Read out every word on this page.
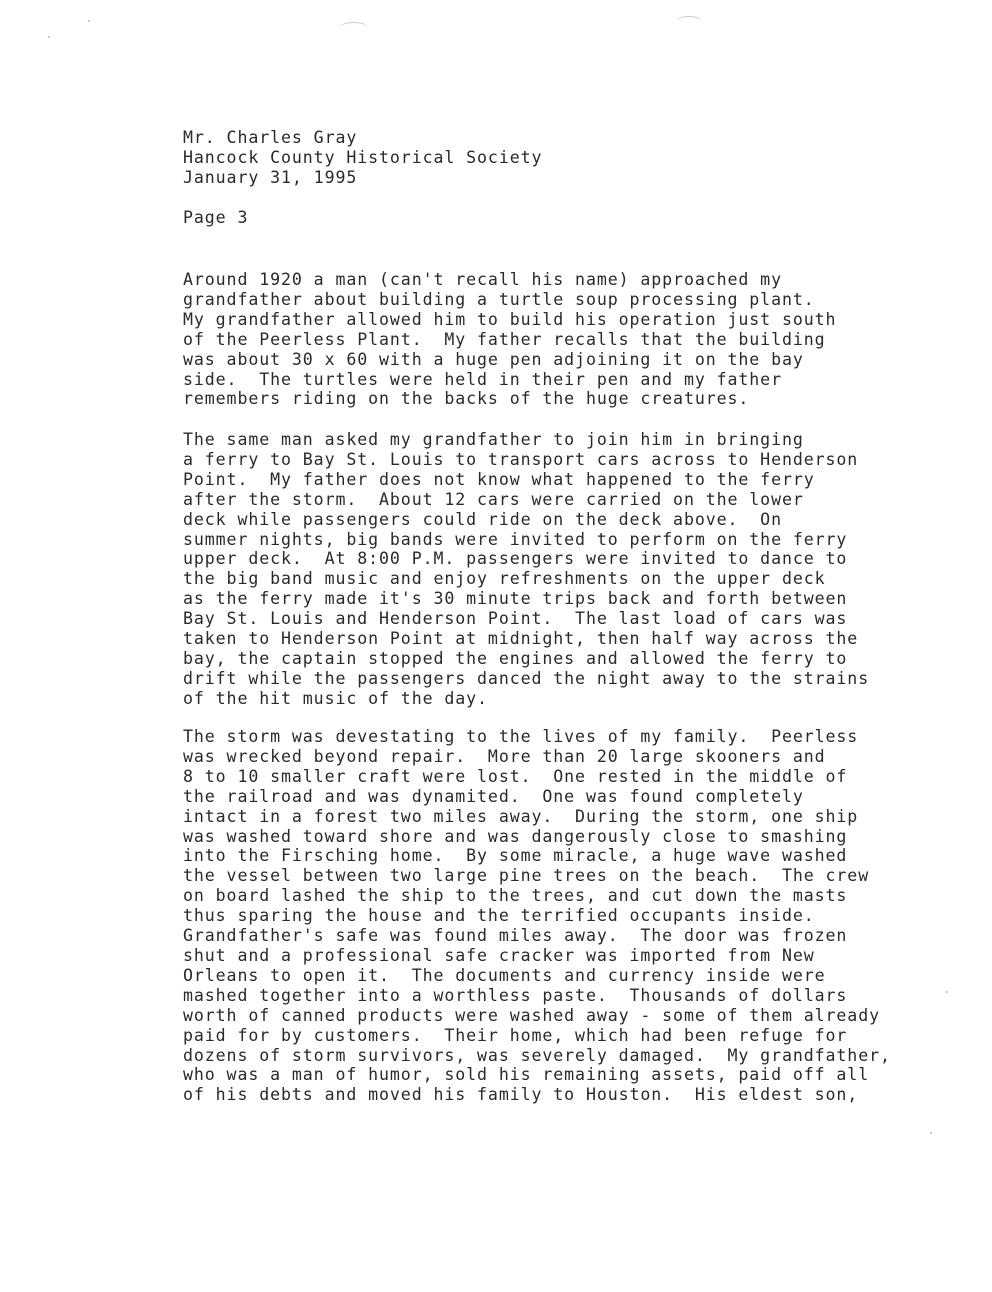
Mr. Charles Gray
Hancock County Historical Society
January 31, 1995
Page 3
Around 1920 a man (can't recall his name) approached my
grandfather about building a turtle soup processing plant.
My grandfather allowed him to build his operation just south
of the Peerless Plant.  My father recalls that the building
was about 30 x 60 with a huge pen adjoining it on the bay
side.  The turtles were held in their pen and my father
remembers riding on the backs of the huge creatures.
The same man asked my grandfather to join him in bringing
a ferry to Bay St. Louis to transport cars across to Henderson
Point.  My father does not know what happened to the ferry
after the storm.  About 12 cars were carried on the lower
deck while passengers could ride on the deck above.  On
summer nights, big bands were invited to perform on the ferry
upper deck.  At 8:00 P.M. passengers were invited to dance to
the big band music and enjoy refreshments on the upper deck
as the ferry made it's 30 minute trips back and forth between
Bay St. Louis and Henderson Point.  The last load of cars was
taken to Henderson Point at midnight, then half way across the
bay, the captain stopped the engines and allowed the ferry to
drift while the passengers danced the night away to the strains
of the hit music of the day.
The storm was devestating to the lives of my family.  Peerless
was wrecked beyond repair.  More than 20 large skooners and
8 to 10 smaller craft were lost.  One rested in the middle of
the railroad and was dynamited.  One was found completely
intact in a forest two miles away.  During the storm, one ship
was washed toward shore and was dangerously close to smashing
into the Firsching home.  By some miracle, a huge wave washed
the vessel between two large pine trees on the beach.  The crew
on board lashed the ship to the trees, and cut down the masts
thus sparing the house and the terrified occupants inside.
Grandfather's safe was found miles away.  The door was frozen
shut and a professional safe cracker was imported from New
Orleans to open it.  The documents and currency inside were
mashed together into a worthless paste.  Thousands of dollars
worth of canned products were washed away - some of them already
paid for by customers.  Their home, which had been refuge for
dozens of storm survivors, was severely damaged.  My grandfather,
who was a man of humor, sold his remaining assets, paid off all
of his debts and moved his family to Houston.  His eldest son,
